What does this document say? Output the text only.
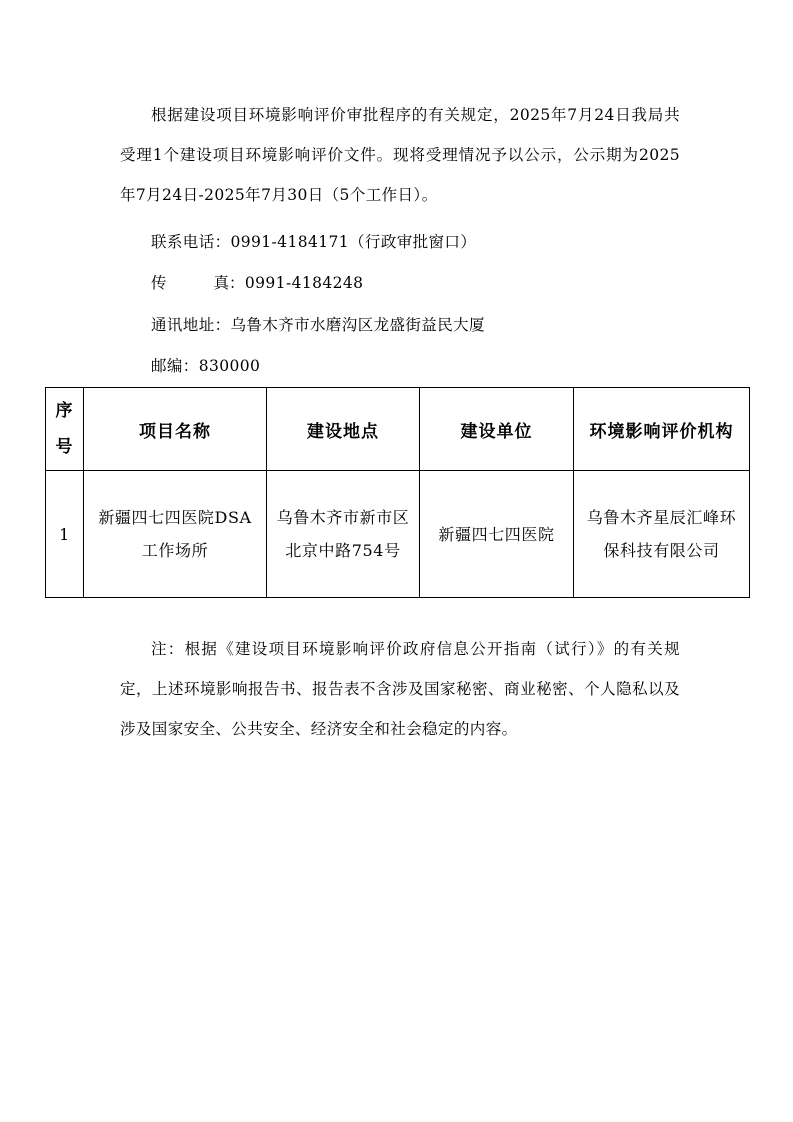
根据建设项目环境影响评价审批程序的有关规定，2025年7月24日我局共受理1个建设项目环境影响评价文件。现将受理情况予以公示，公示期为2025年7月24日-2025年7月30日（5个工作日）。

联系电话：0991-4184171（行政审批窗口）
传　　真：0991-4184248
通讯地址：乌鲁木齐市水磨沟区龙盛街益民大厦
邮编：830000
序号	项目名称	建设地点	建设单位	环境影响评价机构
1	新疆四七四医院DSA工作场所	乌鲁木齐市新市区北京中路754号	新疆四七四医院	乌鲁木齐星辰汇峰环保科技有限公司

注：根据《建设项目环境影响评价政府信息公开指南（试行）》的有关规定，上述环境影响报告书、报告表不含涉及国家秘密、商业秘密、个人隐私以及涉及国家安全、公共安全、经济安全和社会稳定的内容。
